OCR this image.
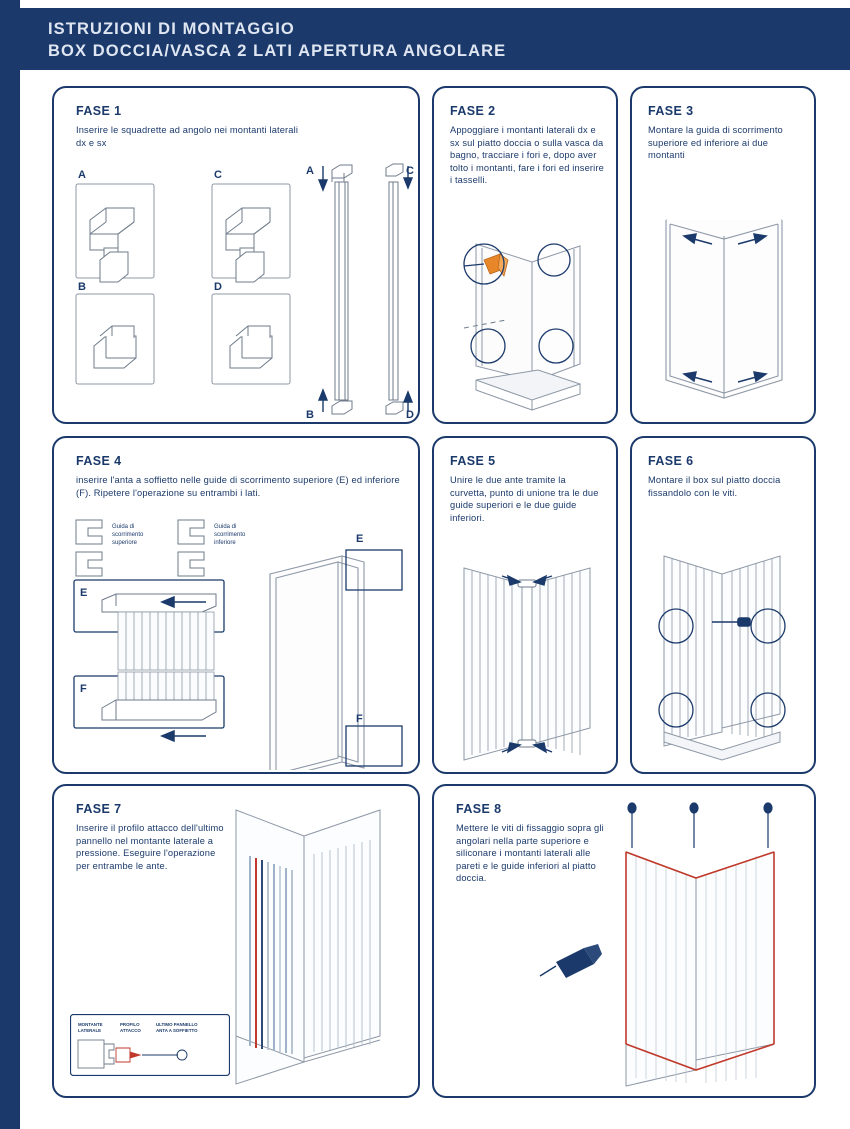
ISTRUZIONI DI MONTAGGIO
BOX DOCCIA/VASCA 2 LATI APERTURA ANGOLARE
FASE 1
Inserire le squadrette ad angolo nei montanti laterali dx e sx
A	C
B	D
A
B
C
D
FASE 2
Appoggiare i montanti laterali dx e sx sul piatto doccia o sulla vasca da bagno, tracciare i fori e, dopo aver tolto i montanti, fare i fori ed inserire i tasselli.
FASE 3
Montare la guida di scorrimento superiore ed inferiore ai due montanti
FASE 4
inserire l'anta a soffietto nelle guide di scorrimento superiore (E) ed inferiore (F). Ripetere l'operazione su entrambi i lati.
Guida di
scorrimento
superiore
Guida di
scorrimento
inferiore
E
F
E
F
FASE 5
Unire le due ante tramite la curvetta, punto di unione tra le due guide superiori e le due guide inferiori.
FASE 6
Montare il box sul piatto doccia fissandolo con le viti.
FASE 7
Inserire il profilo attacco dell'ultimo pannello nel montante laterale a pressione. Eseguire l'operazione per entrambe le ante.
MONTANTE
LATERALE
PROFILO
ATTACCO
ULTIMO PANNELLO
ANTA A SOFFIETTO
FASE 8
Mettere le viti di fissaggio sopra gli angolari nella parte superiore e siliconare i montanti laterali alle pareti e le guide inferiori al piatto doccia.
